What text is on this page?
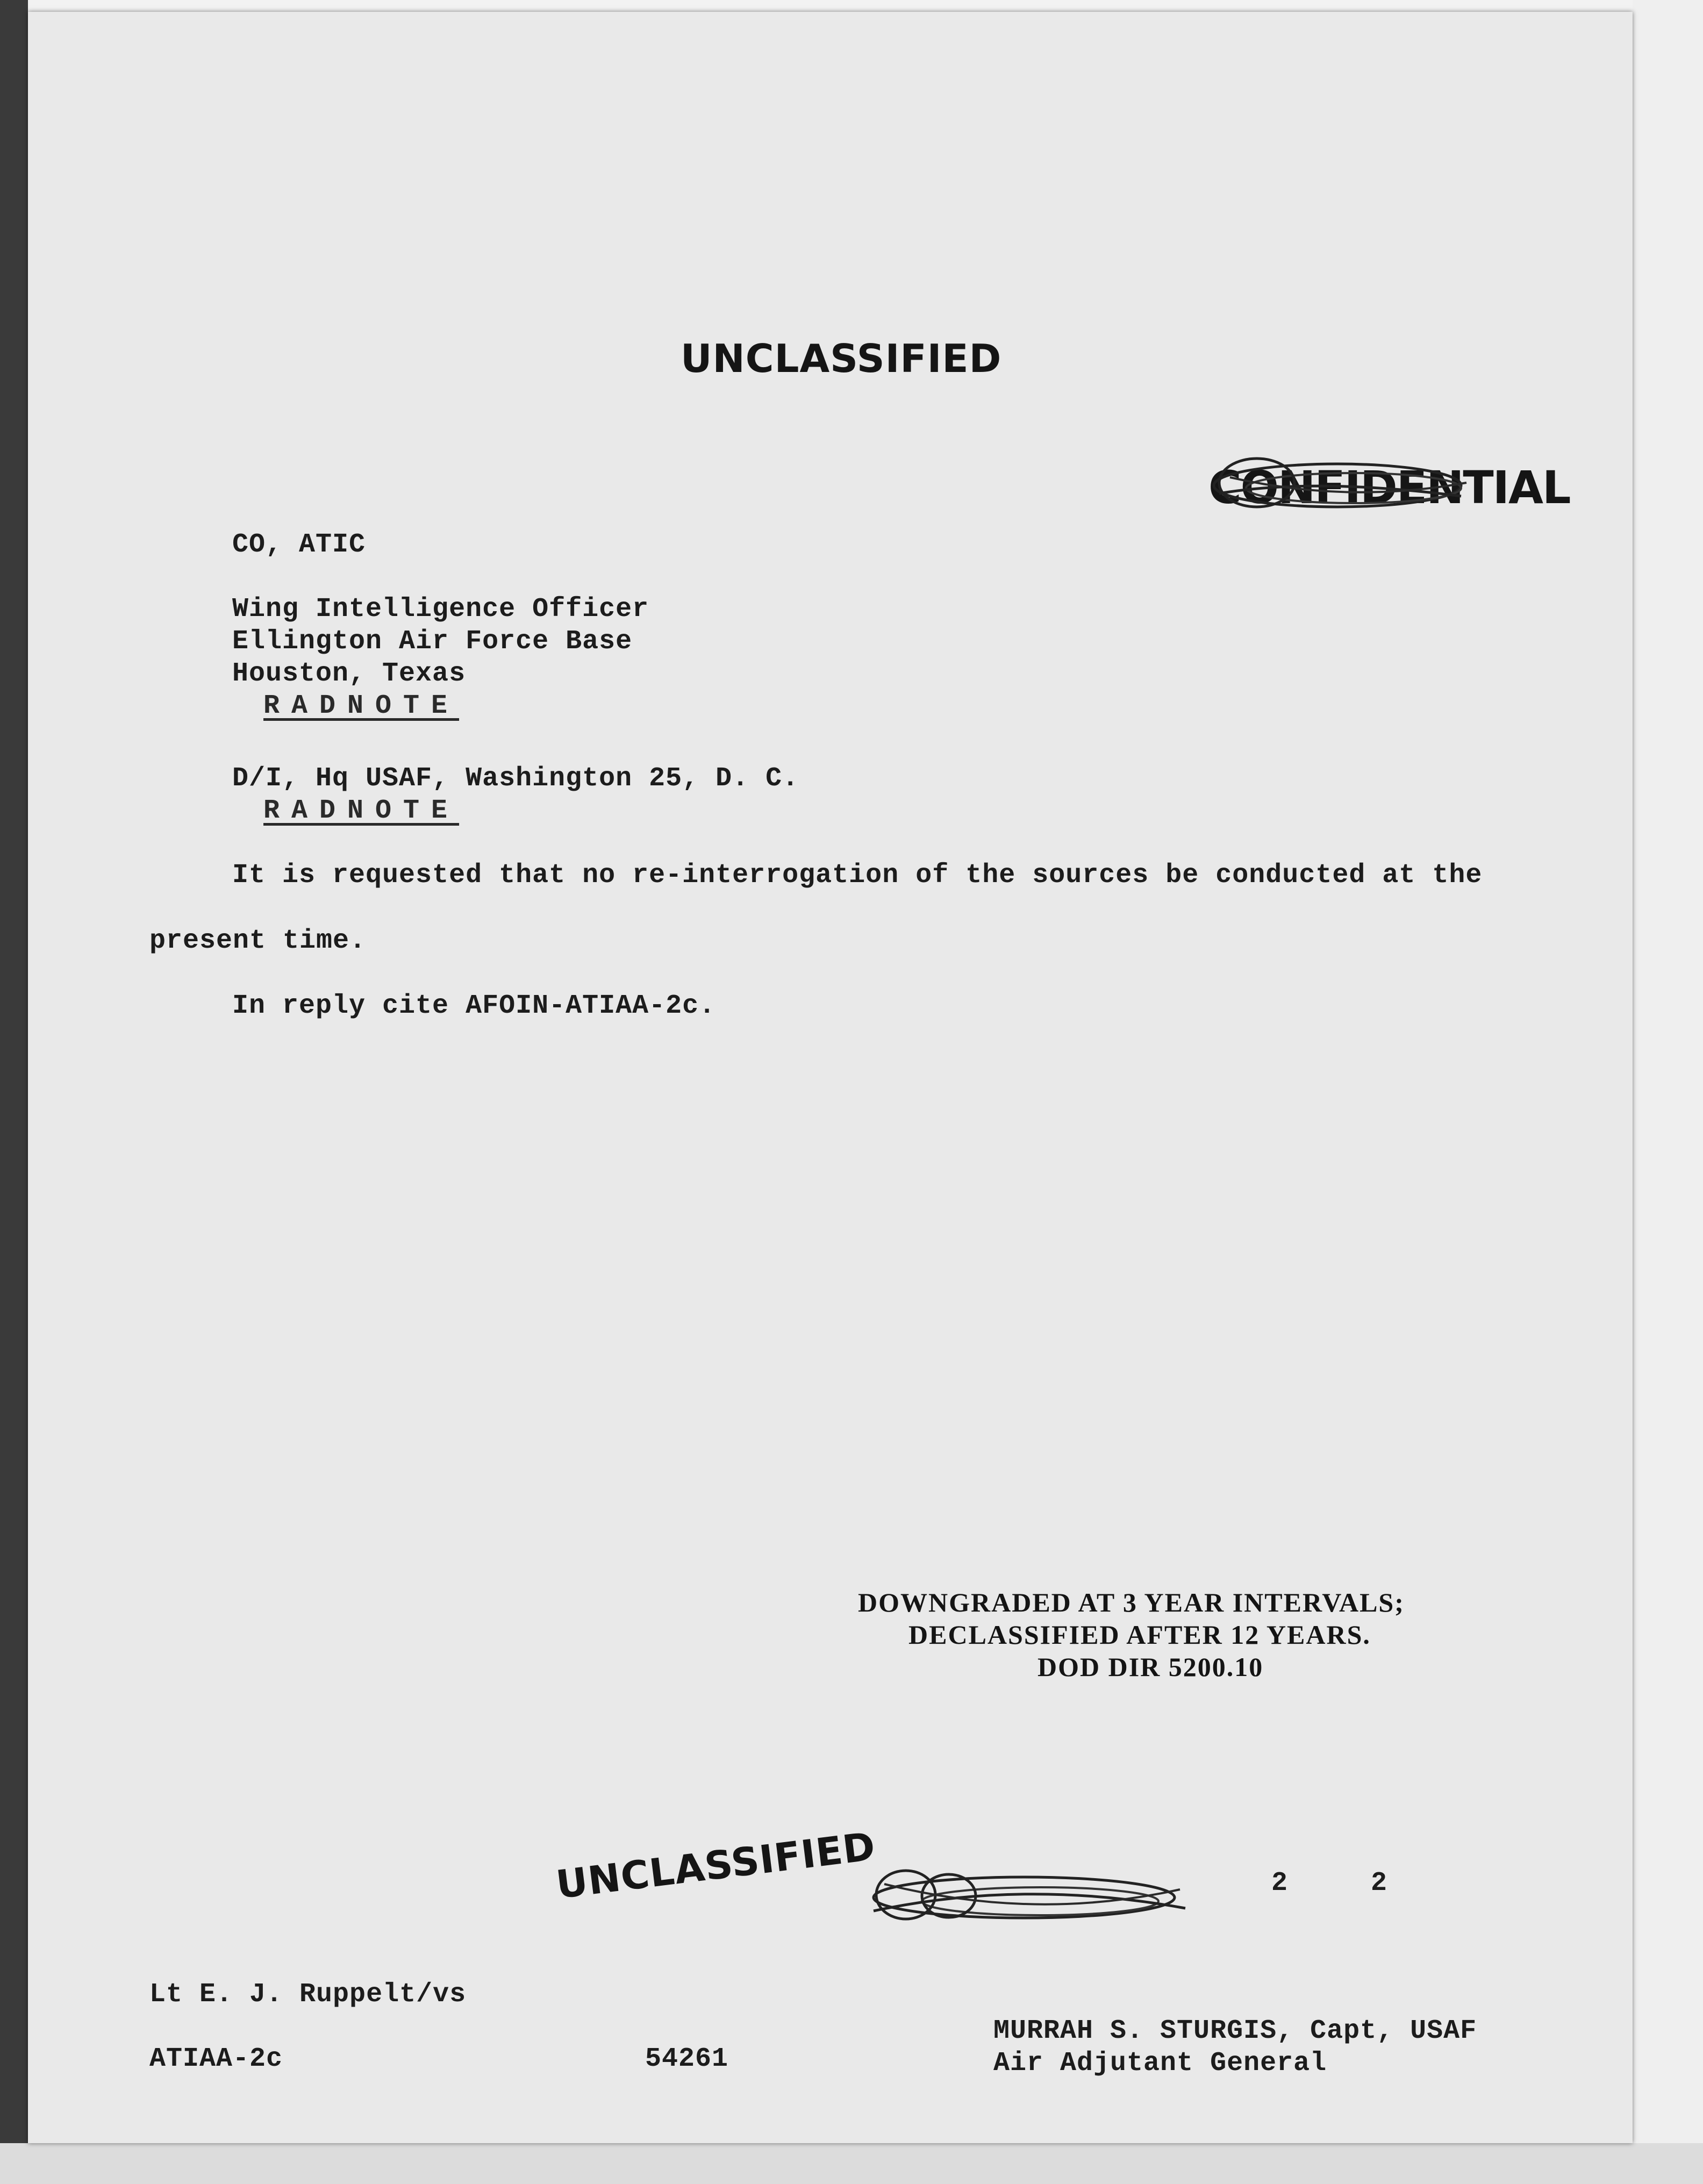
UNCLASSIFIED
CONFIDENTIAL
CO, ATIC
Wing Intelligence Officer
Ellington Air Force Base
Houston, Texas
RADNOTE
D/I, Hq USAF, Washington 25, D. C.
RADNOTE
It is requested that no re-interrogation of the sources be conducted at the
present time.
In reply cite AFOIN-ATIAA-2c.
DOWNGRADED AT 3 YEAR INTERVALS;
DECLASSIFIED AFTER 12 YEARS.
DOD DIR 5200.10
UNCLASSIFIED	2	2
Lt E. J. Ruppelt/vs
ATIAA-2c	54261
MURRAH S. STURGIS, Capt, USAF
Air Adjutant General
